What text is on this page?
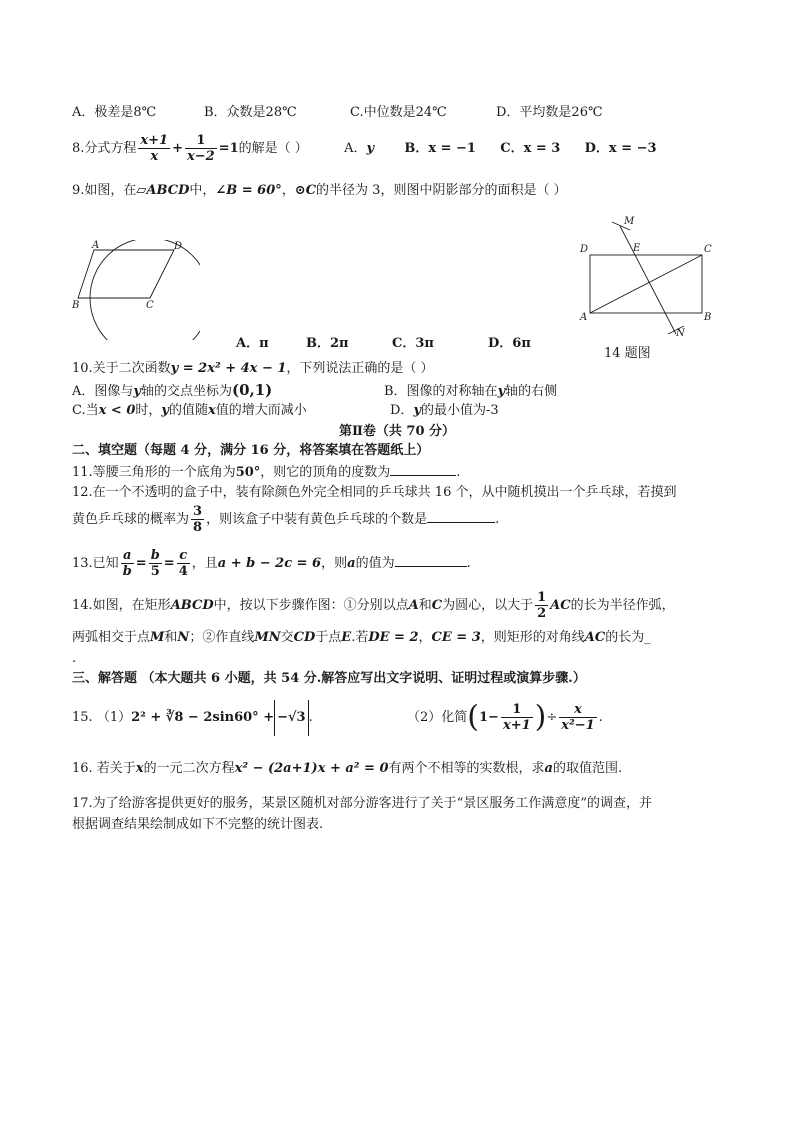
A．极差是8℃	B．众数是28℃	C.中位数是24℃	D．平均数是26℃
8.分式方程 $\frac{x+1}{x} + \frac{1}{x-2} =1$的解是（ ）	A．y B．x = −1 C．x = 3 D．x = −3
9.如图，在▱ABCD中，∠B = 60°，⊙C的半径为 3，则图中阴影部分的面积是（ ）
A	D
B	C
M
D	E	C
A	B
N
A．π	B．2π	C．3π	D．6π
14 题图
10.关于二次函数y = 2x² + 4x − 1，下列说法正确的是（ ）
A．图像与y轴的交点坐标为(0,1)	B．图像的对称轴在y轴的右侧
C.当x < 0时，y的值随x值的增大而减小	D．y的最小值为-3
第Ⅱ卷（共 70 分）
二、填空题（每题 4 分，满分 16 分，将答案填在答题纸上）
11.等腰三角形的一个底角为50°，则它的顶角的度数为	.
12.在一个不透明的盒子中，装有除颜色外完全相同的乒乓球共 16 个，从中随机摸出一个乒乓球，若摸到
黄色乒乓球的概率为 $\frac{3}{8}$ ，则该盒子中装有黄色乒乓球的个数是	.
13.已知 $\frac{a}{b} = \frac{b}{5} = \frac{c}{4}$ ，且a + b − 2c = 6，则a的值为	.
14.如图，在矩形ABCD中，按以下步骤作图：①分别以点A和C为圆心，以大于 $\frac{1}{2}$ AC的长为半径作弧，
两弧相交于点M和N；②作直线MN交CD于点E.若DE = 2，CE = 3，则矩形的对角线AC的长为_
.
三、解答题 （本大题共 6 小题，共 54 分.解答应写出文字说明、证明过程或演算步骤.）
15. （1）2² + ∛8 − 2sin60° + −√3 .	（2）化简($1- \frac{1}{x+1}$ )÷ $\frac{x}{\text{x²−1}}$ .
16. 若关于x的一元二次方程x² − (2a+1)x + a² = 0有两个不相等的实数根，求a的取值范围.
17.为了给游客提供更好的服务，某景区随机对部分游客进行了关于“景区服务工作满意度”的调查，并
根据调查结果绘制成如下不完整的统计图表.
